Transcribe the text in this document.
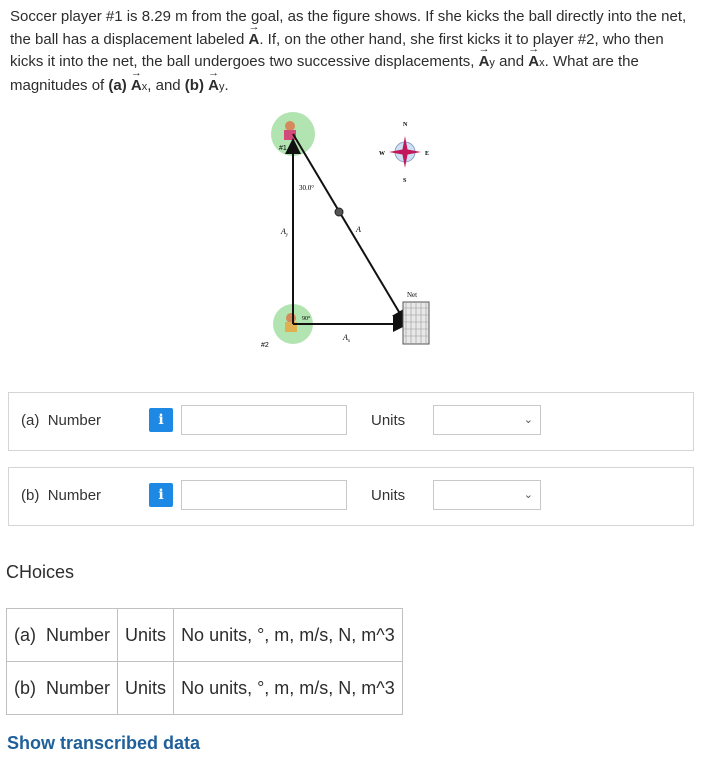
Soccer player #1 is 8.29 m from the goal, as the figure shows. If she kicks the ball directly into the net, the ball has a displacement labeled → A. If, on the other hand, she first kicks it to player #2, who then kicks it into the net, the ball undergoes two successive displacements, → Ay and → Ax. What are the magnitudes of (a) → Ax, and (b) → Ay.
#1
#2
30.0°
90°
$A_y$
$A_x$
A
Net
N
S
E
W
(a) Number	i	Units	⌄
(b) Number	i	Units	⌄
CHoices
(a) Number	Units	No units, °, m, m/s, N, m^3
(b) Number	Units	No units, °, m, m/s, N, m^3
Show transcribed data
